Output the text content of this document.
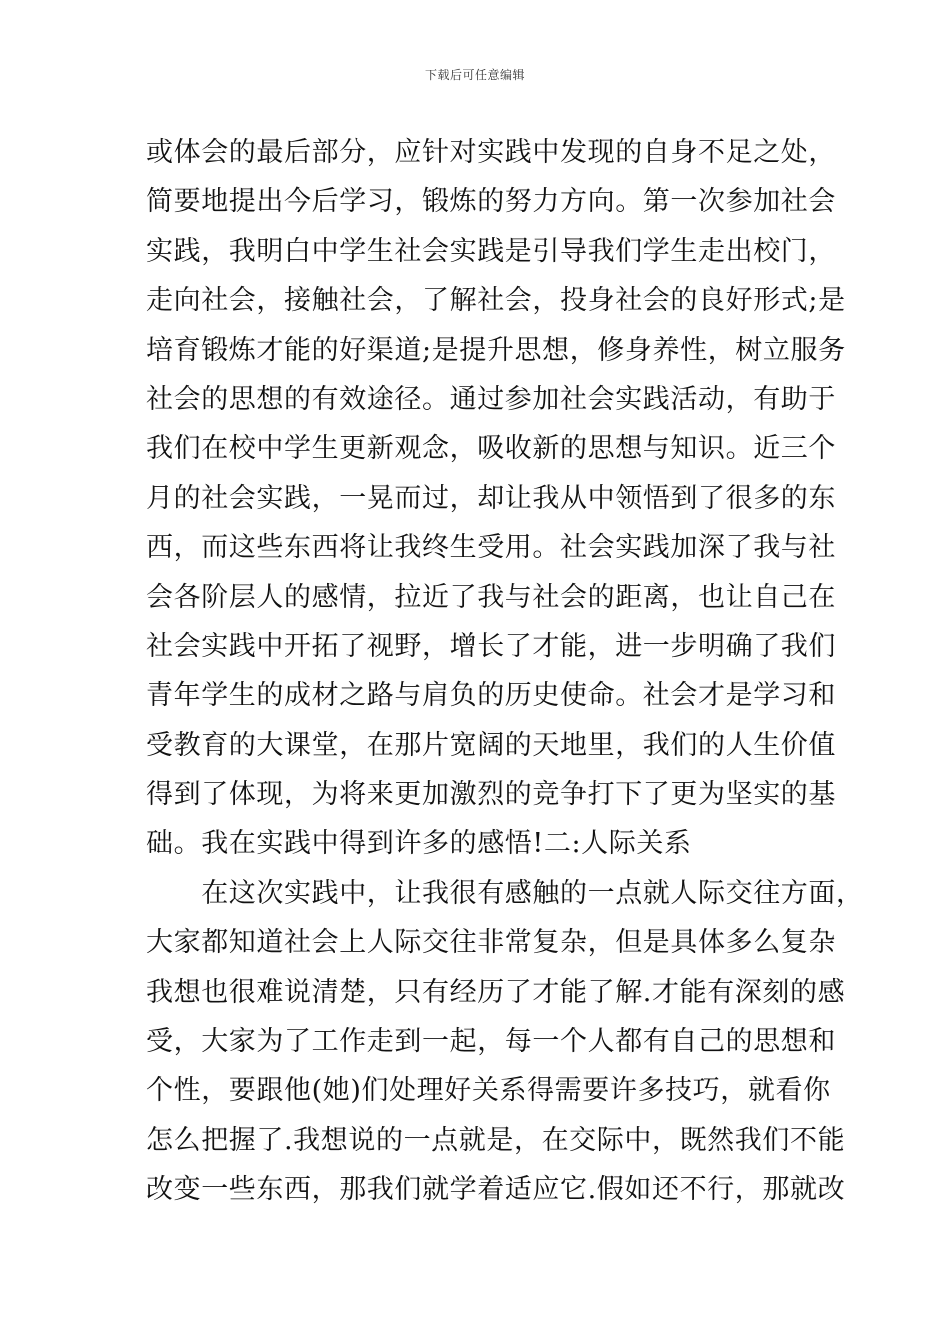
下载后可任意编辑
或体会的最后部分，应针对实践中发现的自身不足之处，
简要地提出今后学习，锻炼的努力方向。第一次参加社会
实践，我明白中学生社会实践是引导我们学生走出校门，
走向社会，接触社会，了解社会，投身社会的良好形式;是
培育锻炼才能的好渠道;是提升思想，修身养性，树立服务
社会的思想的有效途径。通过参加社会实践活动，有助于
我们在校中学生更新观念，吸收新的思想与知识。近三个
月的社会实践，一晃而过，却让我从中领悟到了很多的东
西，而这些东西将让我终生受用。社会实践加深了我与社
会各阶层人的感情，拉近了我与社会的距离，也让自己在
社会实践中开拓了视野，增长了才能，进一步明确了我们
青年学生的成材之路与肩负的历史使命。社会才是学习和
受教育的大课堂，在那片宽阔的天地里，我们的人生价值
得到了体现，为将来更加激烈的竞争打下了更为坚实的基
础。我在实践中得到许多的感悟!二:人际关系
　　在这次实践中，让我很有感触的一点就人际交往方面，
大家都知道社会上人际交往非常复杂，但是具体多么复杂
我想也很难说清楚，只有经历了才能了解.才能有深刻的感
受，大家为了工作走到一起，每一个人都有自己的思想和
个性，要跟他(她)们处理好关系得需要许多技巧，就看你
怎么把握了.我想说的一点就是，在交际中，既然我们不能
改变一些东西，那我们就学着适应它.假如还不行，那就改
